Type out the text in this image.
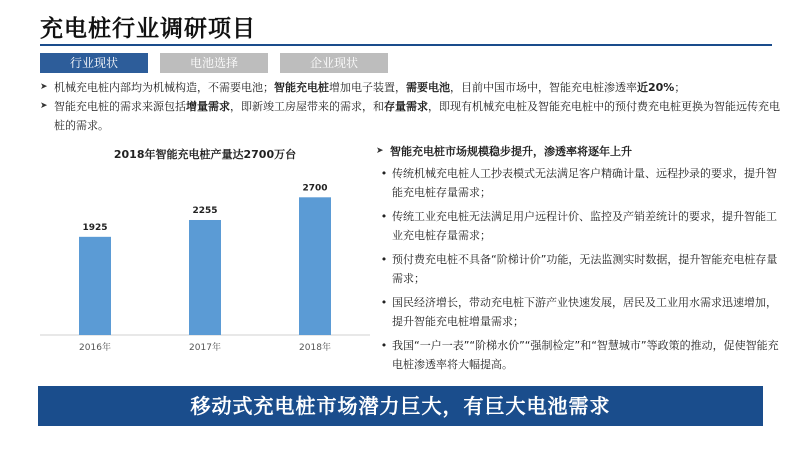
充电桩行业调研项目
行业现状	电池选择	企业现状
➤ 机械充电桩内部均为机械构造，不需要电池；智能充电桩增加电子装置，需要电池，目前中国市场中，智能充电桩渗透率近20%；
➤ 智能充电桩的需求来源包括增量需求，即新竣工房屋带来的需求，和存量需求，即现有机械充电桩及智能充电桩中的预付费充电桩更换为智能远传充电桩的需求。
2018年智能充电桩产量达2700万台
1925
2016年
2255
2017年
2700
2018年
➤ 智能充电桩市场规模稳步提升，渗透率将逐年上升
• 传统机械充电桩人工抄表模式无法满足客户精确计量、远程抄录的要求，提升智能充电桩存量需求；
• 传统工业充电桩无法满足用户远程计价、监控及产销差统计的要求，提升智能工业充电桩存量需求；
• 预付费充电桩不具备“阶梯计价”功能，无法监测实时数据，提升智能充电桩存量需求；
• 国民经济增长，带动充电桩下游产业快速发展，居民及工业用水需求迅速增加，提升智能充电桩增量需求；
• 我国“一户一表”“阶梯水价”“强制检定”和“智慧城市”等政策的推动，促使智能充电桩渗透率将大幅提高。
移动式充电桩市场潜力巨大，有巨大电池需求
